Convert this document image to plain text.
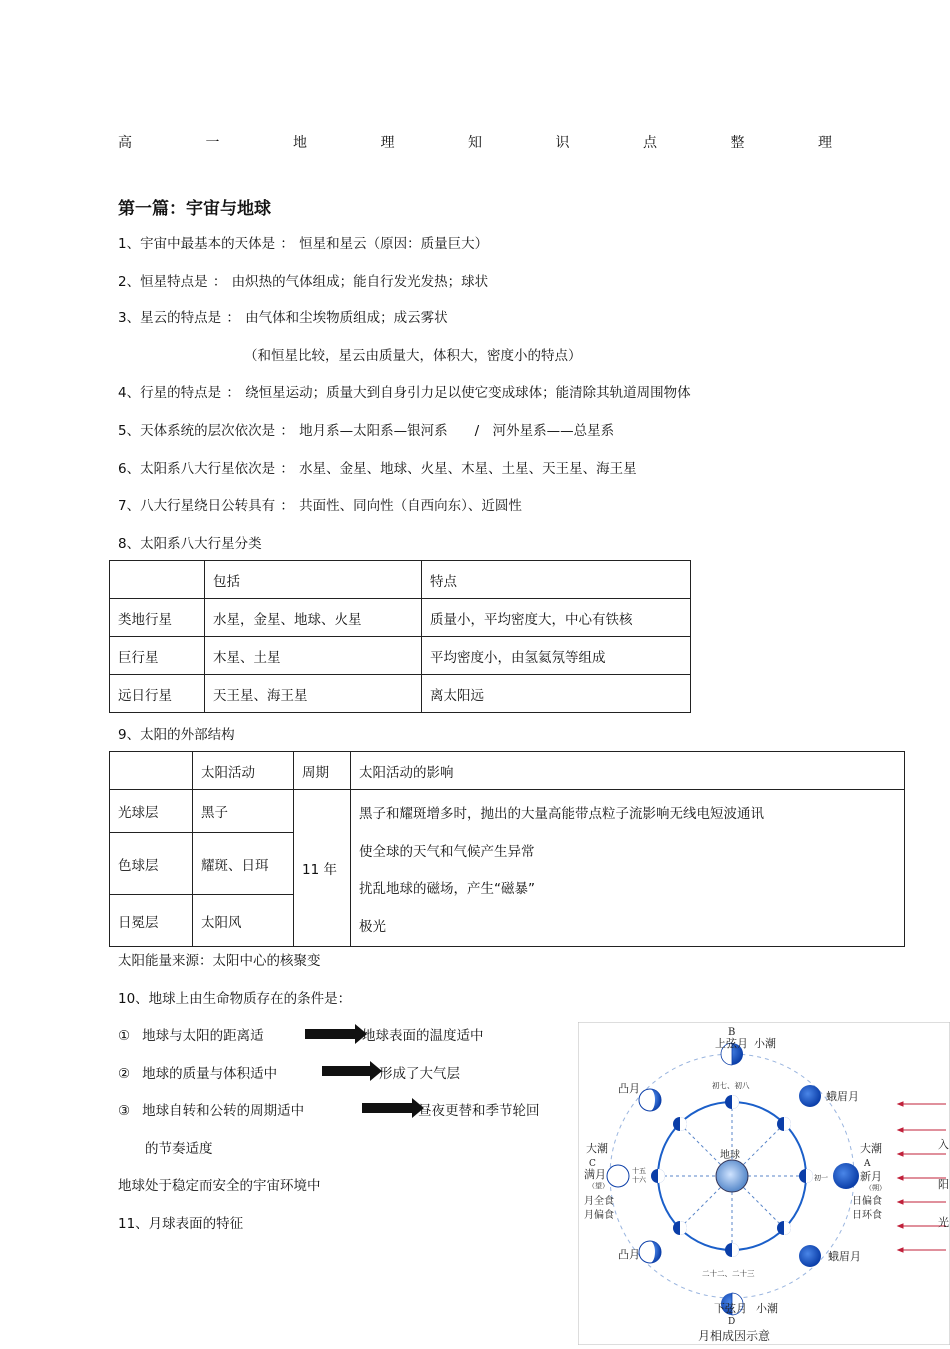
高	一	地	理	知	识	点	整	理
第一篇：宇宙与地球
1、宇宙中最基本的天体是 ： 恒星和星云（原因：质量巨大）
2、恒星特点是 ： 由炽热的气体组成；能自行发光发热；球状
3、星云的特点是 ： 由气体和尘埃物质组成；成云雾状
（和恒星比较，星云由质量大，体积大，密度小的特点）
4、行星的特点是 ： 绕恒星运动；质量大到自身引力足以使它变成球体；能清除其轨道周围物体
5、天体系统的层次依次是 ： 地月系—太阳系—银河系　　/　河外星系——总星系
6、太阳系八大行星依次是 ： 水星、金星、地球、火星、木星、土星、天王星、海王星
7、八大行星绕日公转具有 ： 共面性、同向性（自西向东）、近圆性
8、太阳系八大行星分类
	包括	特点
类地行星	水星，金星、地球、火星	质量小，平均密度大，中心有铁核
巨行星	木星、土星	平均密度小，由氢氦氖等组成
远日行星	天王星、海王星	离太阳远
9、太阳的外部结构
	太阳活动	周期	太阳活动的影响
光球层	黑子	11 年	黑子和耀斑增多时，抛出的大量高能带点粒子流影响无线电短波通讯
使全球的天气和气候产生异常
扰乱地球的磁场，产生“磁暴”
极光

色球层	耀斑、日珥		
日冕层	太阳风		
太阳能量来源：太阳中心的核聚变
10、地球上由生命物质存在的条件是：
① 地球与太阳的距离适	地球表面的温度适中
② 地球的质量与体积适中	形成了大气层
③ 地球自转和公转的周期适中	昼夜更替和季节轮回
的节奏适度
地球处于稳定而安全的宇宙环境中
11、月球表面的特征
地球
B
上弦月 小潮
初七、初八
凸月
蛾眉月
大潮
C
满月
（望）
十五
十六
月全食
月偏食
大潮
A
新月
（朔）
初一
日偏食
日环食
凸月	蛾眉月
二十二、二十三
D
下弦月 小潮
月相成因示意
入
阳
光
